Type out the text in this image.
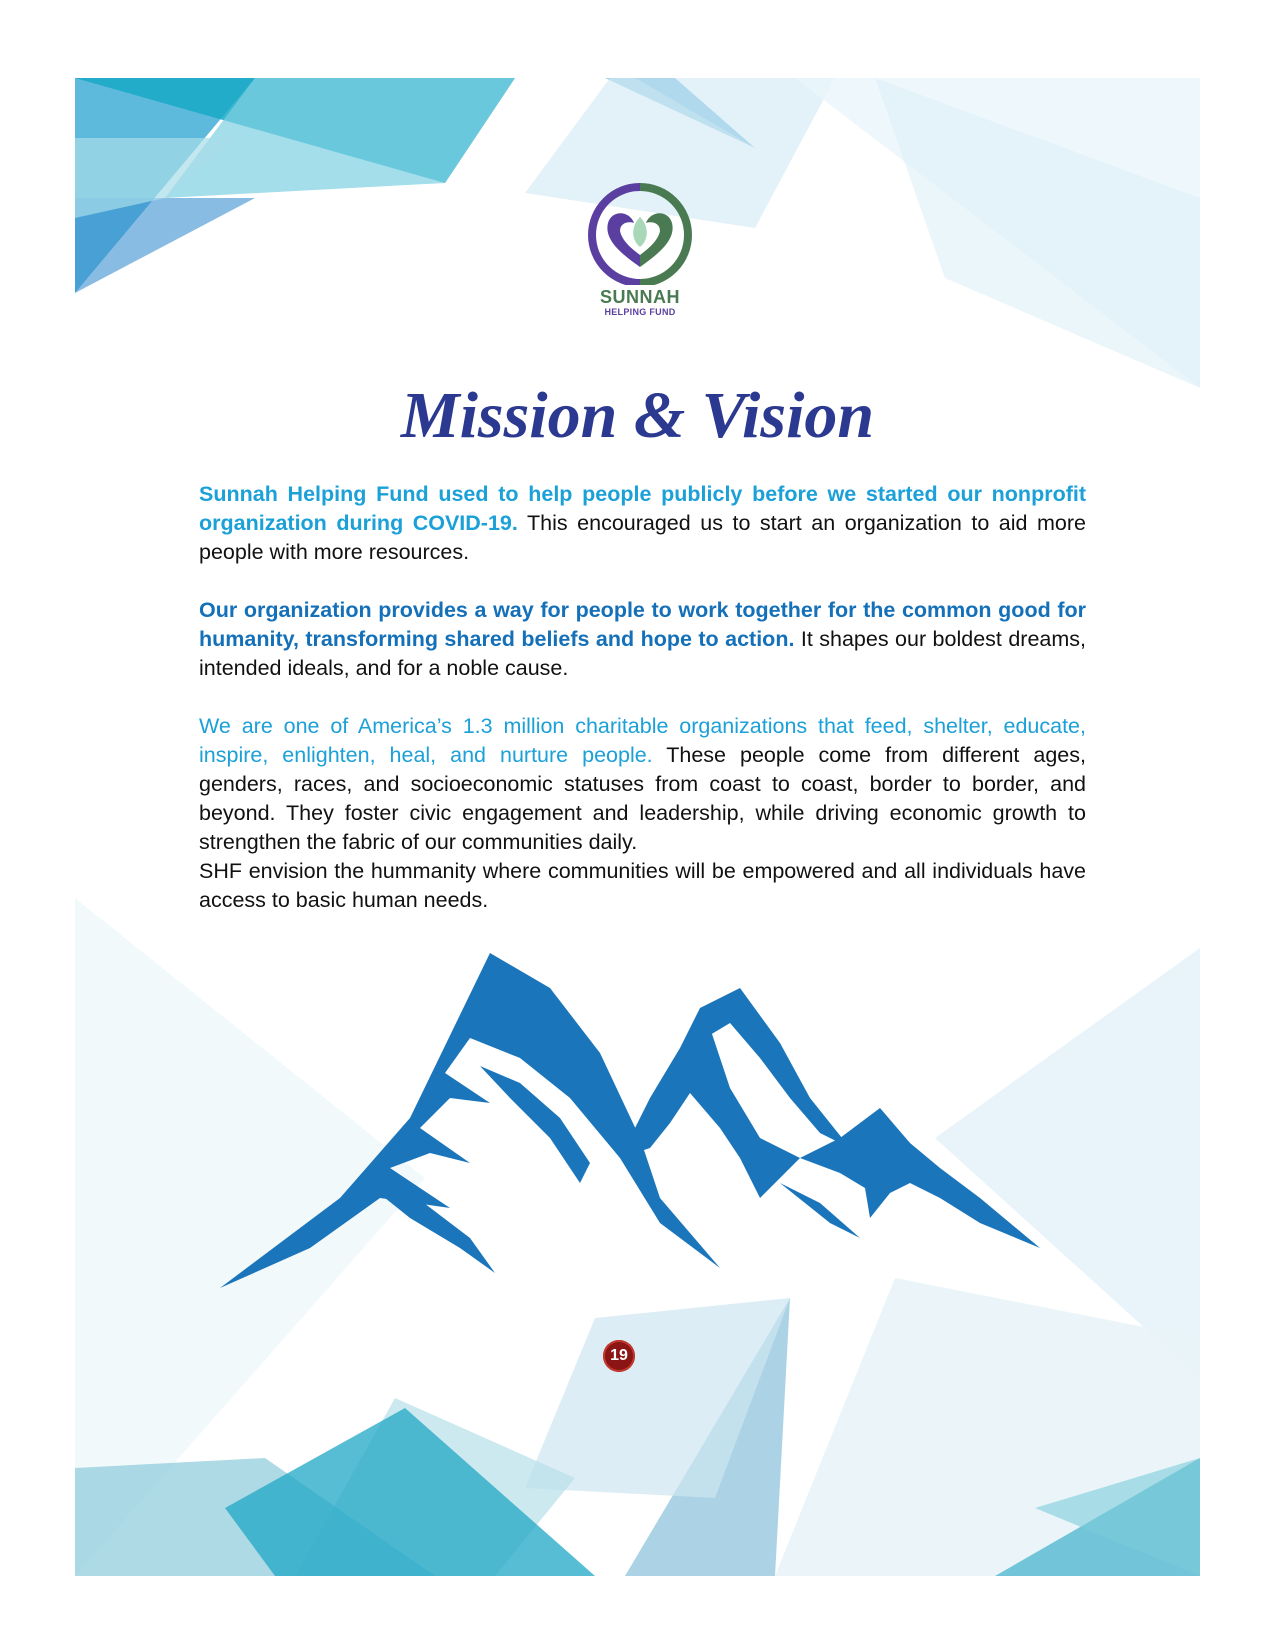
SUNNAH
HELPING FUND
Mission & Vision

Sunnah Helping Fund used to help people publicly before we started our nonprofit organization during COVID-19. This encouraged us to start an organization to aid more people with more resources.

Our organization provides a way for people to work together for the common good for humanity, transforming shared beliefs and hope to action. It shapes our boldest dreams, intended ideals, and for a noble cause.

We are one of America’s 1.3 million charitable organizations that feed, shelter, educate, inspire, enlighten, heal, and nurture people. These people come from different ages, genders, races, and socioeconomic statuses from coast to coast, border to border, and beyond. They foster civic engagement and leadership, while driving economic growth to strengthen the fabric of our communities daily.

SHF envision the hummanity where communities will be empowered and all individuals have access to basic human needs.

19
